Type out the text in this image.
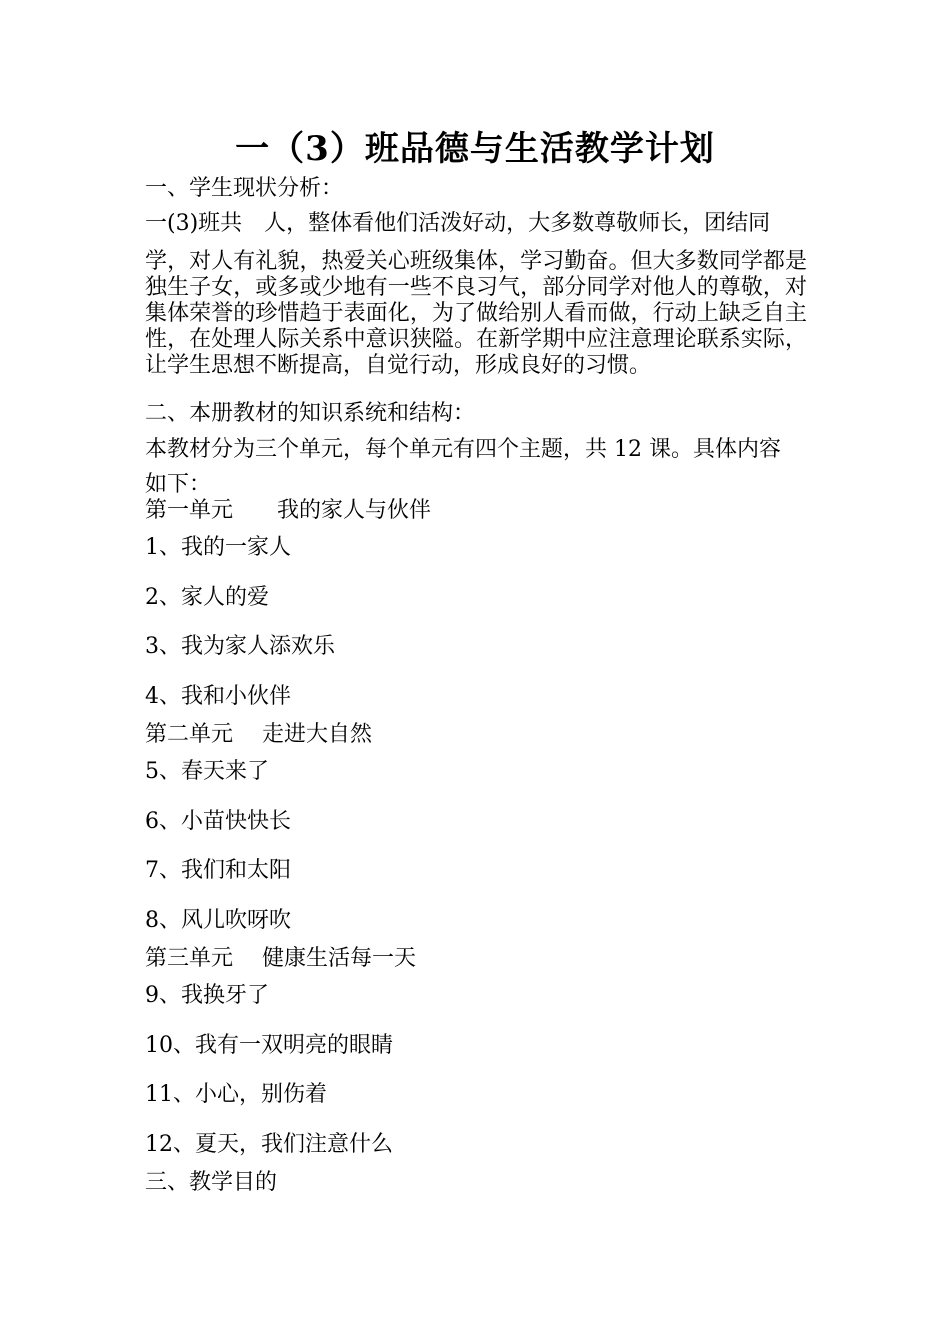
一（3）班品德与生活教学计划
一、学生现状分析：
一(3)班共　人，整体看他们活泼好动，大多数尊敬师长，团结同
学，对人有礼貌，热爱关心班级集体，学习勤奋。但大多数同学都是独生子女，或多或少地有一些不良习气，部分同学对他人的尊敬，对集体荣誉的珍惜趋于表面化，为了做给别人看而做，行动上缺乏自主性，在处理人际关系中意识狭隘。在新学期中应注意理论联系实际，让学生思想不断提高，自觉行动，形成良好的习惯。
二、本册教材的知识系统和结构：
本教材分为三个单元，每个单元有四个主题，共 12 课。具体内容
如下：
第一单元　　我的家人与伙伴
1、我的一家人
2、家人的爱
3、我为家人添欢乐
4、我和小伙伴
第二单元　 走进大自然
5、春天来了
6、小苗快快长
7、我们和太阳
8、风儿吹呀吹
第三单元　 健康生活每一天
9、我换牙了
10、我有一双明亮的眼睛
11、小心，别伤着
12、夏天，我们注意什么
三、教学目的
